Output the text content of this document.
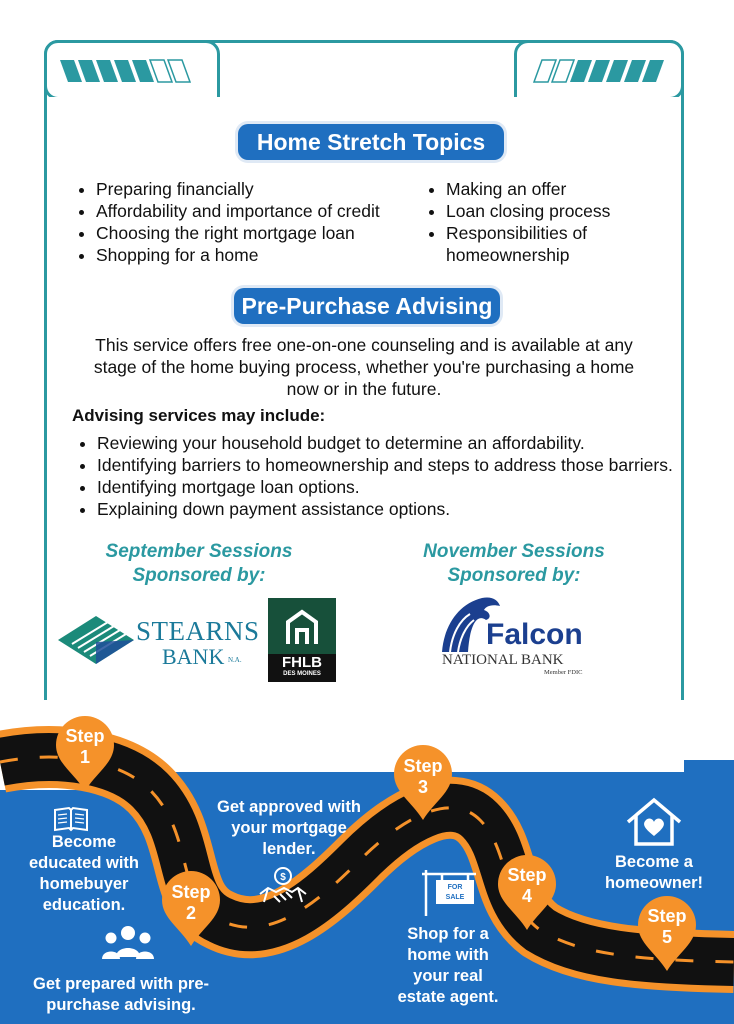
Home Stretch Topics
• Preparing financially
• Affordability and importance of credit
• Choosing the right mortgage loan
• Shopping for a home
• Making an offer
• Loan closing process
• Responsibilities of homeownership
Pre-Purchase Advising
This service offers free one-on-one counseling and is available at any stage of the home buying process, whether you're purchasing a home now or in the future.
Advising services may include:
• Reviewing your household budget to determine an affordability.
• Identifying barriers to homeownership and steps to address those barriers.
• Identifying mortgage loan options.
• Explaining down payment assistance options.
September Sessions
Sponsored by:
November Sessions
Sponsored by:
STEARNS
BANK N.A.	FHLB
DES MOINES
Falcon
NATIONAL BANK
Member FDIC
Step
1
Step
2
Step
3
Step
4
Step
5
Become educated with homebuyer education.
Get prepared with pre-purchase advising.
Get approved with your mortgage lender.
$
FOR
SALE
Shop for a home with your real estate agent.
Become a homeowner!
